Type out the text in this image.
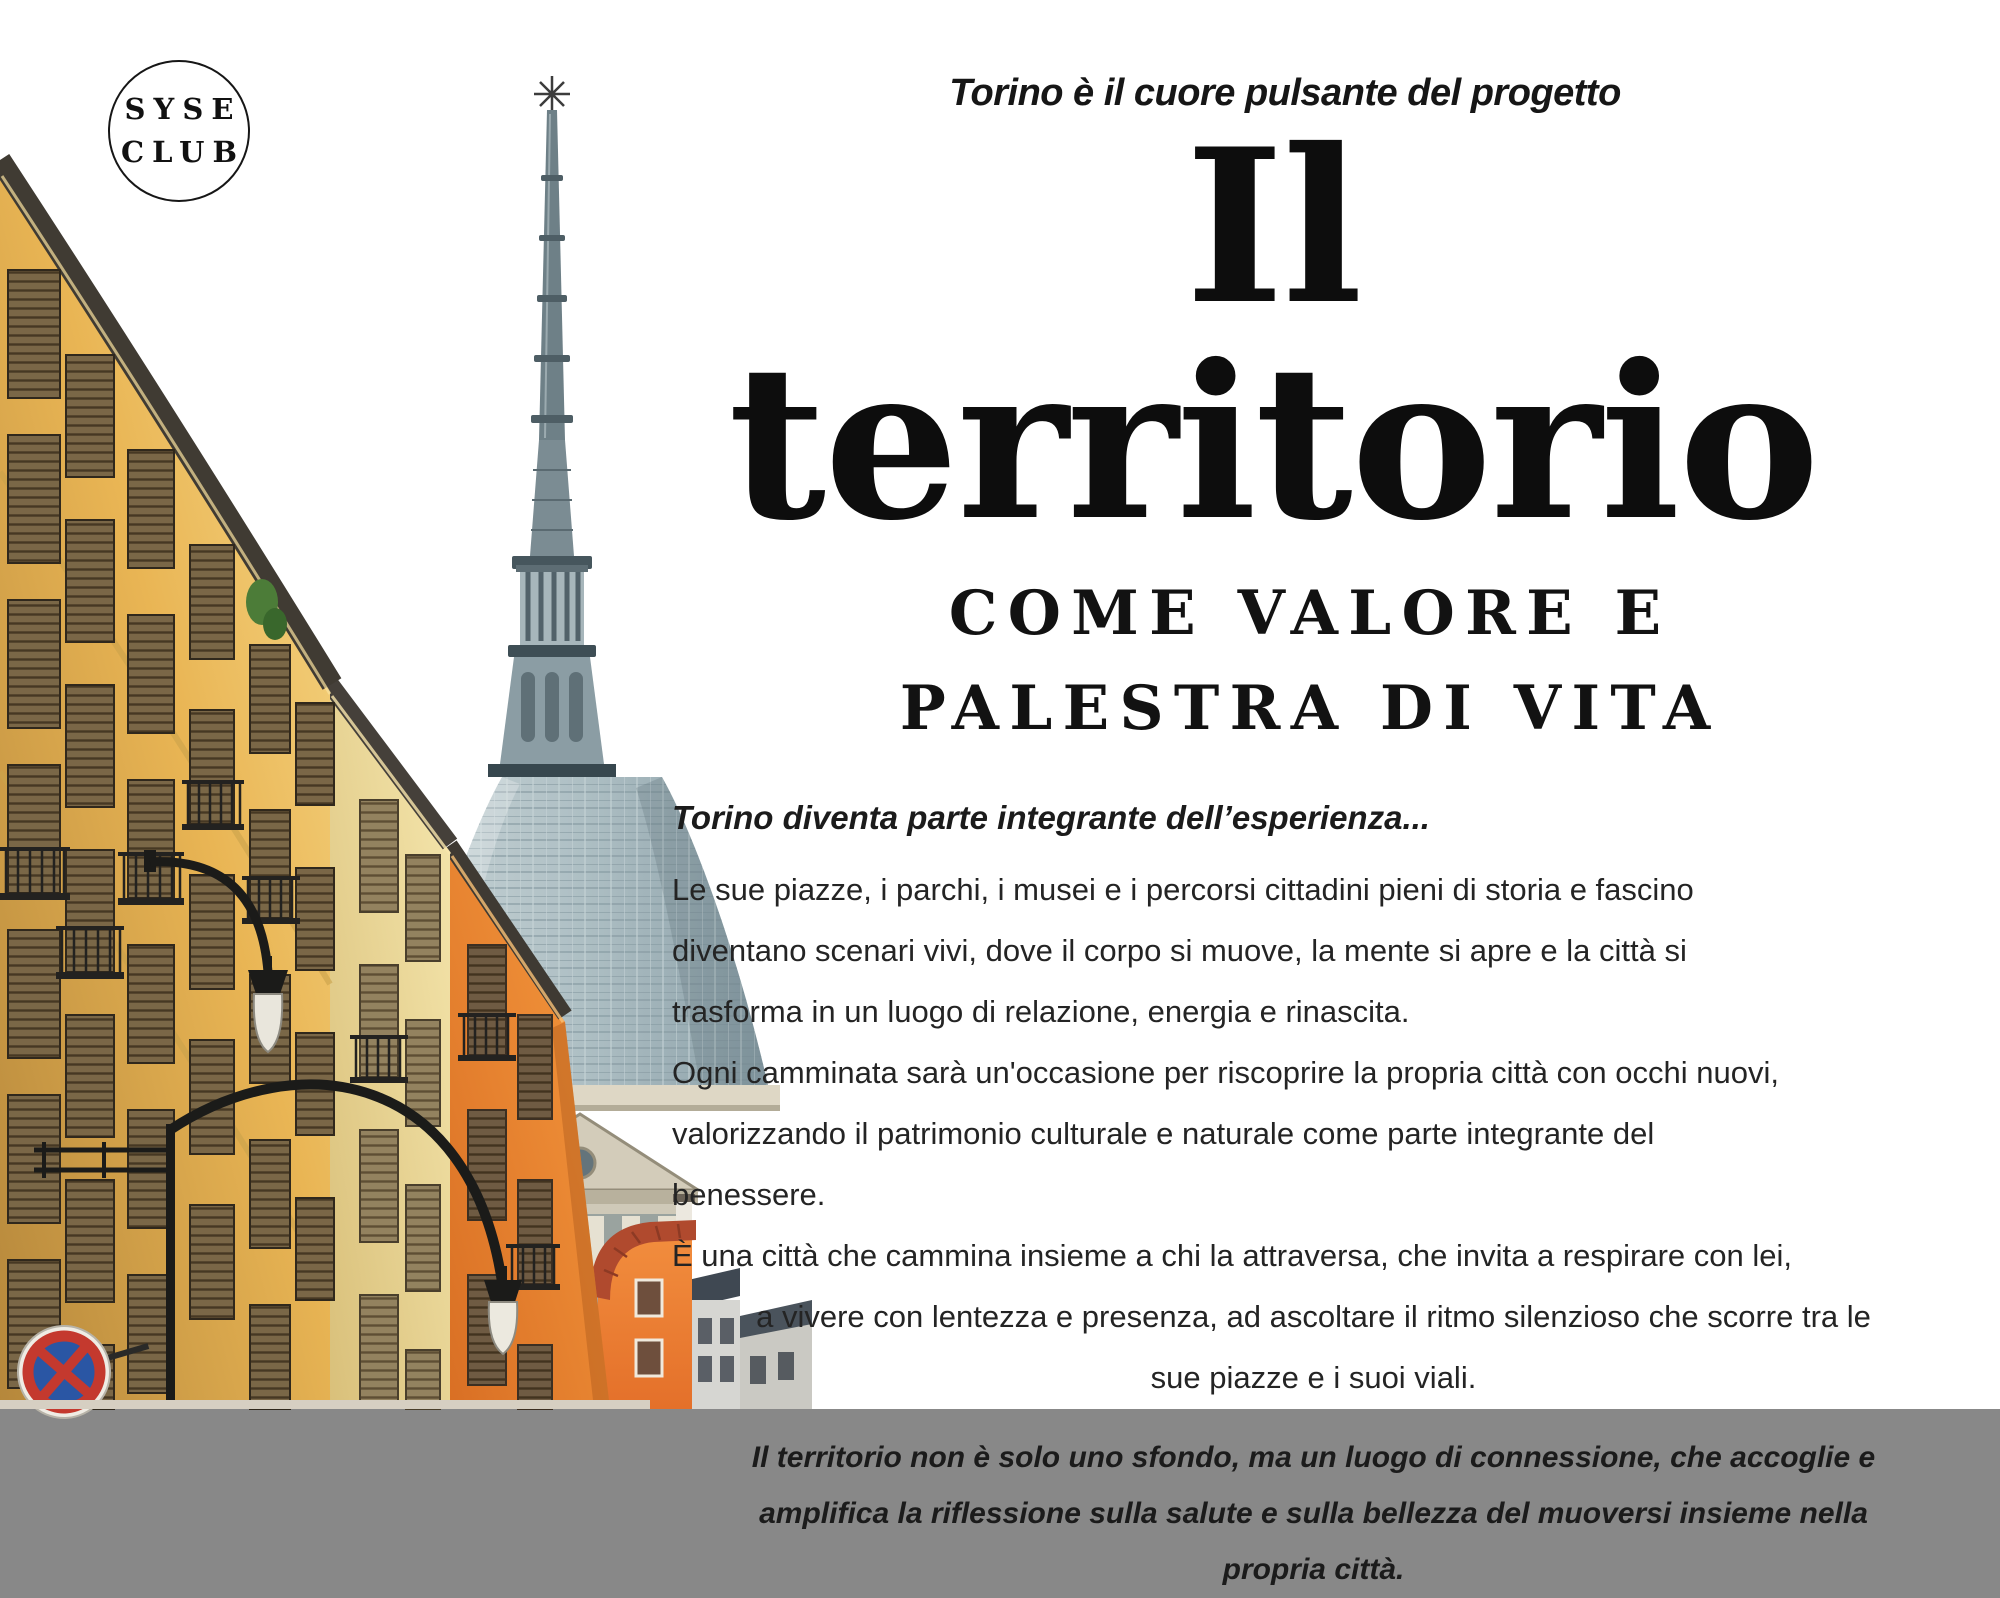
SYSE
CLUB
Torino è il cuore pulsante del progetto
Il territorio
COME VALORE E
PALESTRA DI VITA
Torino diventa parte integrante dell’esperienza...
Le sue piazze, i parchi, i musei e i percorsi cittadini pieni di storia e fascino
diventano scenari vivi, dove il corpo si muove, la mente si apre e la città si
trasforma in un luogo di relazione, energia e rinascita.
Ogni camminata sarà un'occasione per riscoprire la propria città con occhi nuovi,
valorizzando il patrimonio culturale e naturale come parte integrante del
benessere.
È una città che cammina insieme a chi la attraversa, che invita a respirare con lei,
a vivere con lentezza e presenza, ad ascoltare il ritmo silenzioso che scorre tra le
sue piazze e i suoi viali.
Il territorio non è solo uno sfondo, ma un luogo di connessione, che accoglie e
amplifica la riflessione sulla salute e sulla bellezza del muoversi insieme nella
propria città.
